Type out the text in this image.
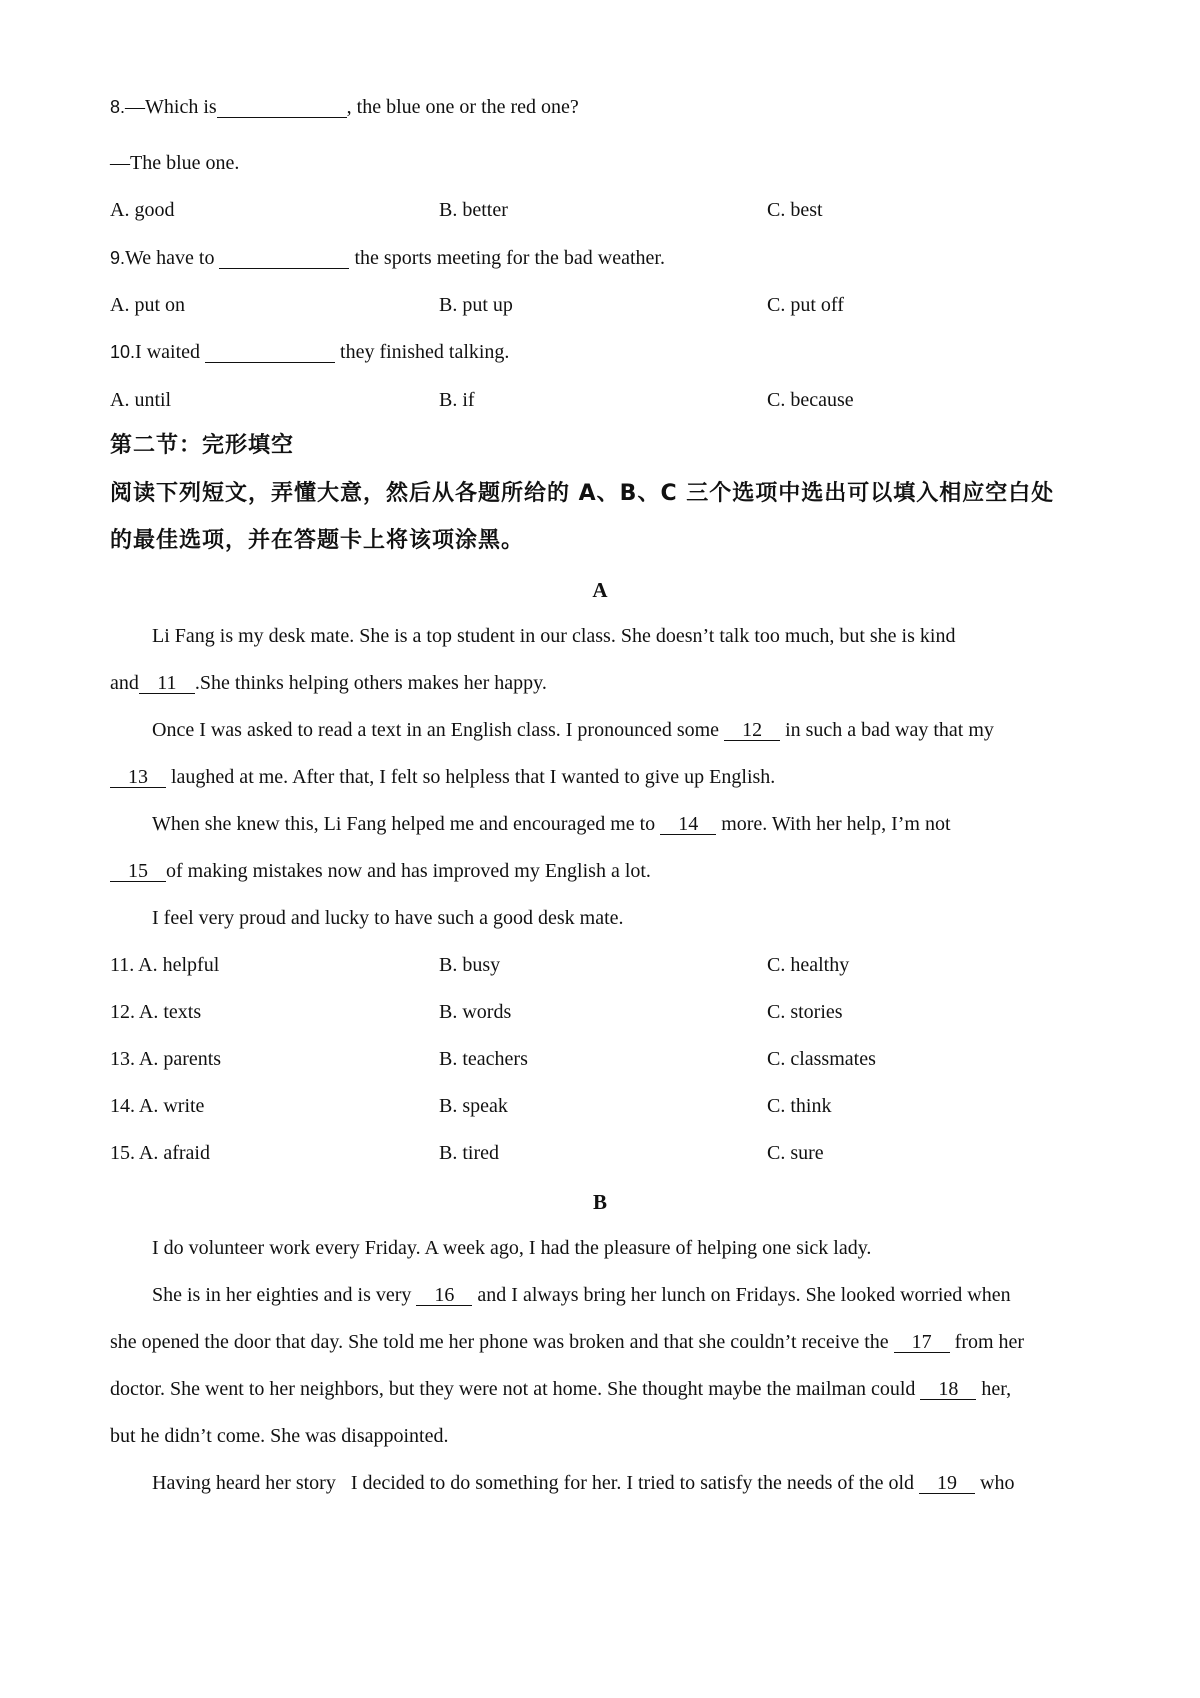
8.—Which is	, the blue one or the red one?
—The blue one.
A. good	B. better	C. best
9.We have to	the sports meeting for the bad weather.
A. put on	B. put up	C. put off
10.I waited	they finished talking.
A. until	B. if	C. because
第二节：完形填空
阅读下列短文，弄懂大意，然后从各题所给的 A、B、C 三个选项中选出可以填入相应空白处
的最佳选项，并在答题卡上将该项涂黑。
A
Li Fang is my desk mate. She is a top student in our class. She doesn’t talk too much, but she is kind
and 11 .She thinks helping others makes her happy.
Once I was asked to read a text in an English class. I pronounced some 12 in such a bad way that my
13 laughed at me. After that, I felt so helpless that I wanted to give up English.
When she knew this, Li Fang helped me and encouraged me to 14 more. With her help, I’m not
15 of making mistakes now and has improved my English a lot.
I feel very proud and lucky to have such a good desk mate.
11. A. helpful	B. busy	C. healthy
12. A. texts	B. words	C. stories
13. A. parents	B. teachers	C. classmates
14. A. write	B. speak	C. think
15. A. afraid	B. tired	C. sure
B
I do volunteer work every Friday. A week ago, I had the pleasure of helping one sick lady.
She is in her eighties and is very 16 and I always bring her lunch on Fridays. She looked worried when
she opened the door that day. She told me her phone was broken and that she couldn’t receive the 17 from her
doctor. She went to her neighbors, but they were not at home. She thought maybe the mailman could 18 her,
but he didn’t come. She was disappointed.
Having heard her story   I decided to do something for her. I tried to satisfy the needs of the old 19 who
